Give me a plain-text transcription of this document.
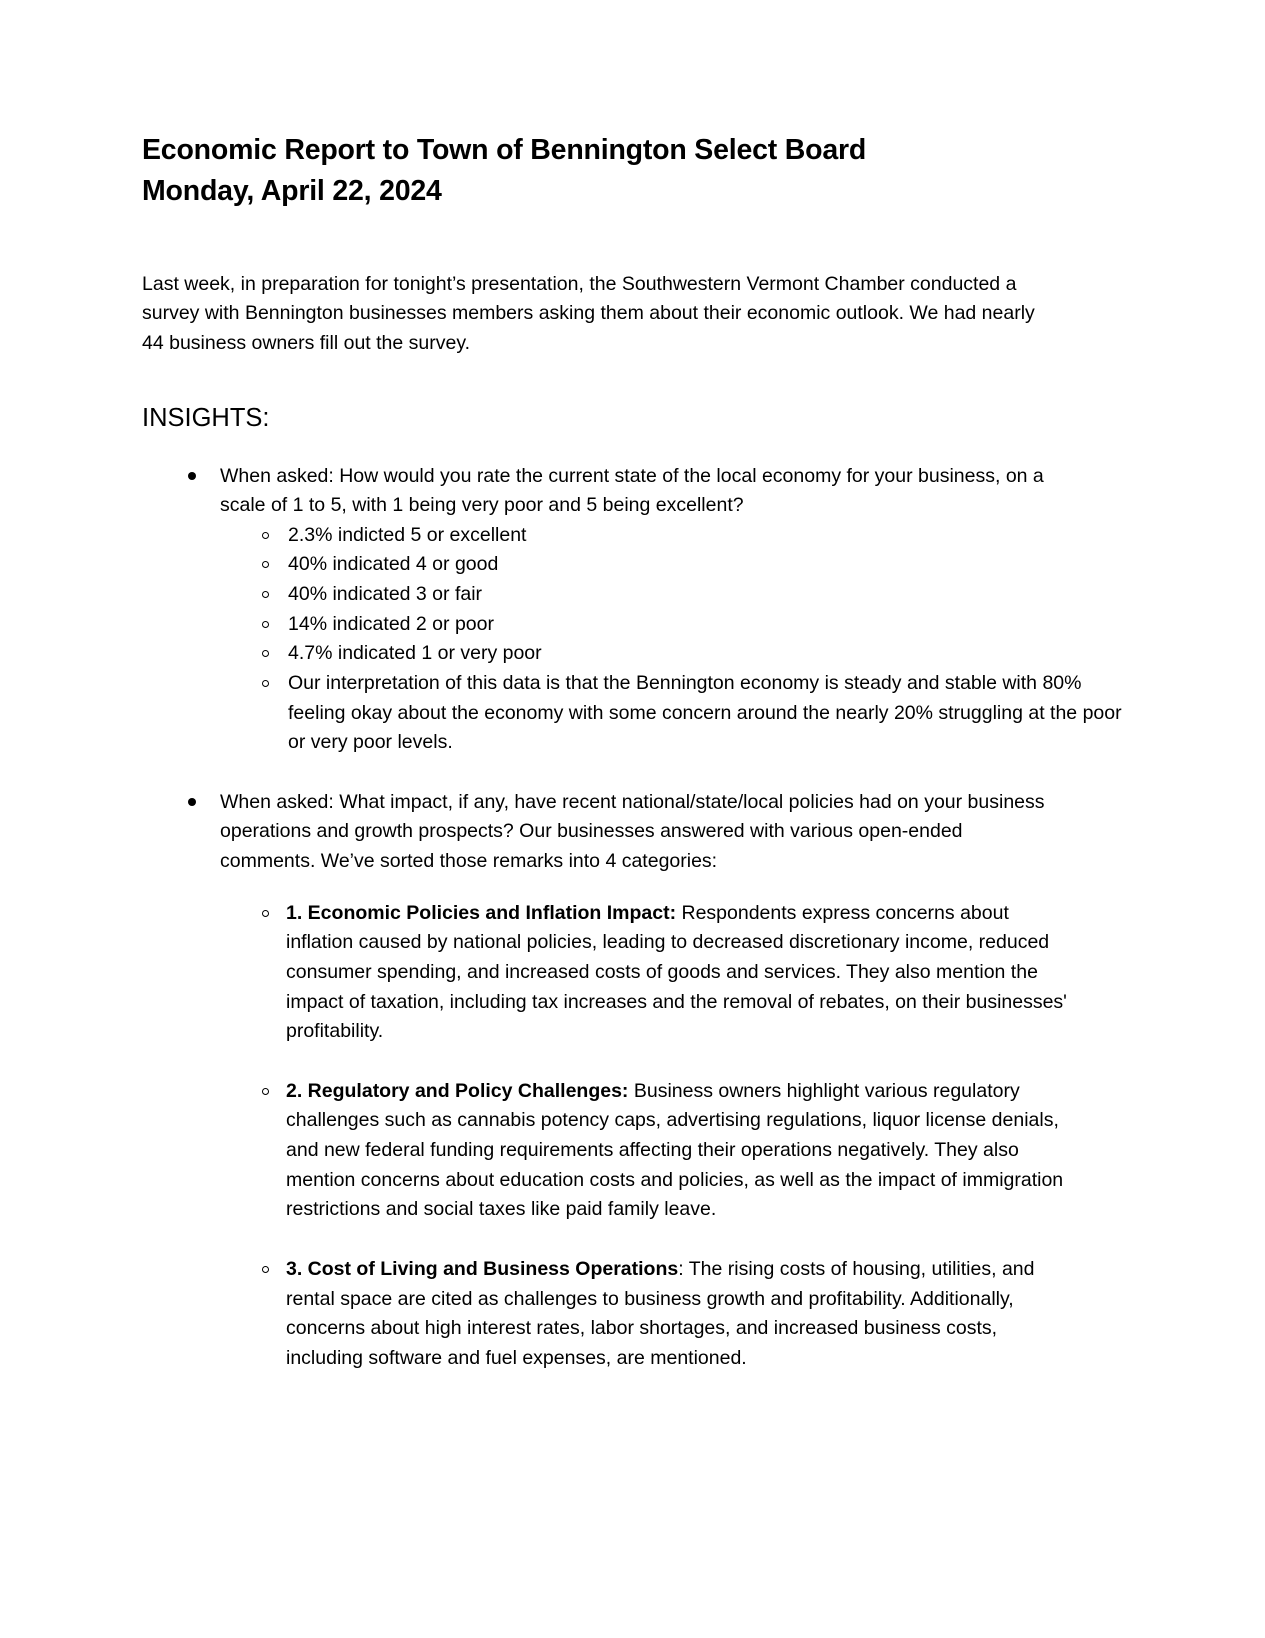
Economic Report to Town of Bennington Select Board
Monday, April 22, 2024

Last week, in preparation for tonight’s presentation, the Southwestern Vermont Chamber conducted a survey with Bennington businesses members asking them about their economic outlook. We had nearly 44 business owners fill out the survey.

INSIGHTS:
When asked: How would you rate the current state of the local economy for your business, on a scale of 1 to 5, with 1 being very poor and 5 being excellent?
2.3% indicted 5 or excellent
40% indicated 4 or good
40% indicated 3 or fair
14% indicated 2 or poor
4.7% indicated 1 or very poor
Our interpretation of this data is that the Bennington economy is steady and stable with 80% feeling okay about the economy with some concern around the nearly 20% struggling at the poor or very poor levels.
When asked: What impact, if any, have recent national/state/local policies had on your business operations and growth prospects? Our businesses answered with various open-ended comments. We’ve sorted those remarks into 4 categories:
1. Economic Policies and Inflation Impact: Respondents express concerns about inflation caused by national policies, leading to decreased discretionary income, reduced consumer spending, and increased costs of goods and services. They also mention the impact of taxation, including tax increases and the removal of rebates, on their businesses' profitability.
2. Regulatory and Policy Challenges: Business owners highlight various regulatory challenges such as cannabis potency caps, advertising regulations, liquor license denials, and new federal funding requirements affecting their operations negatively. They also mention concerns about education costs and policies, as well as the impact of immigration restrictions and social taxes like paid family leave.
3. Cost of Living and Business Operations: The rising costs of housing, utilities, and rental space are cited as challenges to business growth and profitability. Additionally, concerns about high interest rates, labor shortages, and increased business costs, including software and fuel expenses, are mentioned.
